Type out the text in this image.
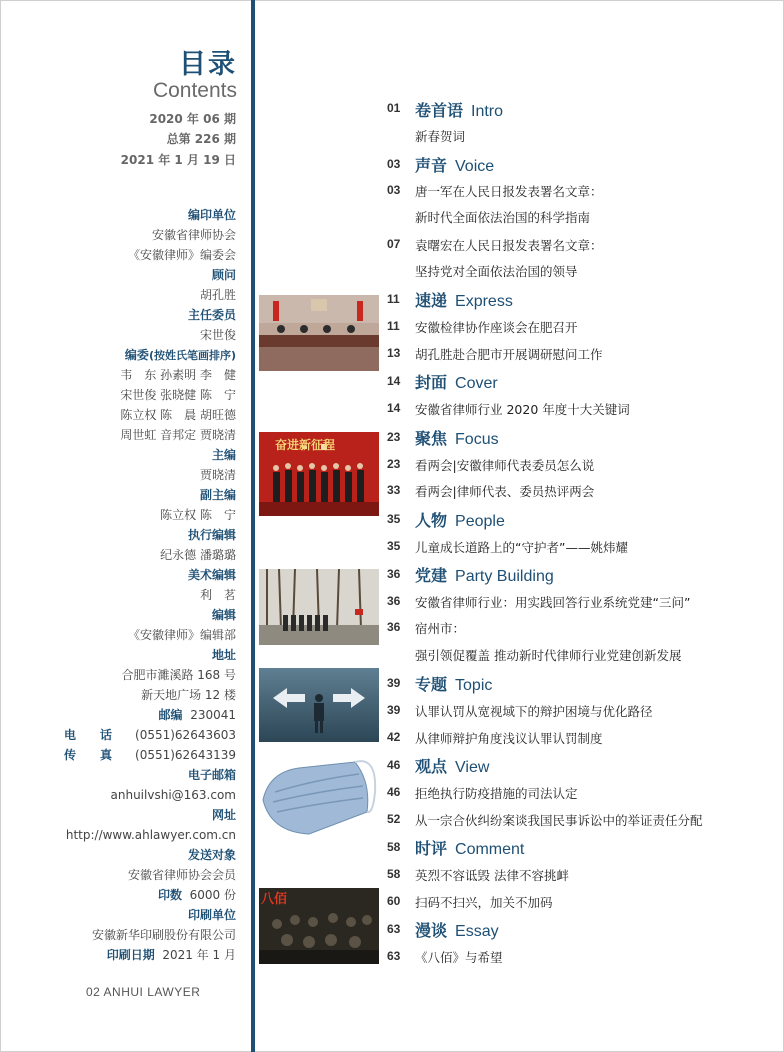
目录
Contents
2020 年 06 期
总第 226 期
2021 年 1 月 19 日
编印单位
安徽省律师协会
《安徽律师》编委会
顾问
胡孔胜
主任委员
宋世俊
编委(按姓氏笔画排序)
韦　东 孙素明 李　健
宋世俊 张晓健 陈　宁
陈立权 陈　晨 胡旺德
周世虹 音邦定 贾晓清
主编
贾晓清
副主编
陈立权 陈　宁
执行编辑
纪永德 潘璐璐
美术编辑
利　茗
编辑
《安徽律师》编辑部
地址
合肥市濉溪路 168 号
新天地广场 12 楼
邮编 230041
电　　话 (0551)62643603
传　　真 (0551)62643139
电子邮箱
anhuilvshi@163.com
网址
http://www.ahlawyer.com.cn
发送对象
安徽省律师协会会员
印数 6000 份
印刷单位
安徽新华印刷股份有限公司
印刷日期 2021 年 1 月
02 ANHUI LAWYER
奋进新征程
八佰
01 卷首语 Intro
新春贺词
03 声音 Voice
03 唐一军在人民日报发表署名文章：
新时代全面依法治国的科学指南
07 袁曙宏在人民日报发表署名文章：
坚持党对全面依法治国的领导
11 速递 Express
11 安徽检律协作座谈会在肥召开
13 胡孔胜赴合肥市开展调研慰问工作
14 封面 Cover
14 安徽省律师行业 2020 年度十大关键词
23 聚焦 Focus
23 看两会|安徽律师代表委员怎么说
33 看两会|律师代表、委员热评两会
35 人物 People
35 儿童成长道路上的“守护者”——姚炜耀
36 党建 Party Building
36 安徽省律师行业：用实践回答行业系统党建“三问”
36 宿州市：
强引领促覆盖 推动新时代律师行业党建创新发展
39 专题 Topic
39 认罪认罚从宽视域下的辩护困境与优化路径
42 从律师辩护角度浅议认罪认罚制度
46 观点 View
46 拒绝执行防疫措施的司法认定
52 从一宗合伙纠纷案谈我国民事诉讼中的举证责任分配
58 时评 Comment
58 英烈不容诋毁 法律不容挑衅
60 扫码不扫兴，加关不加码
63 漫谈 Essay
63 《八佰》与希望
